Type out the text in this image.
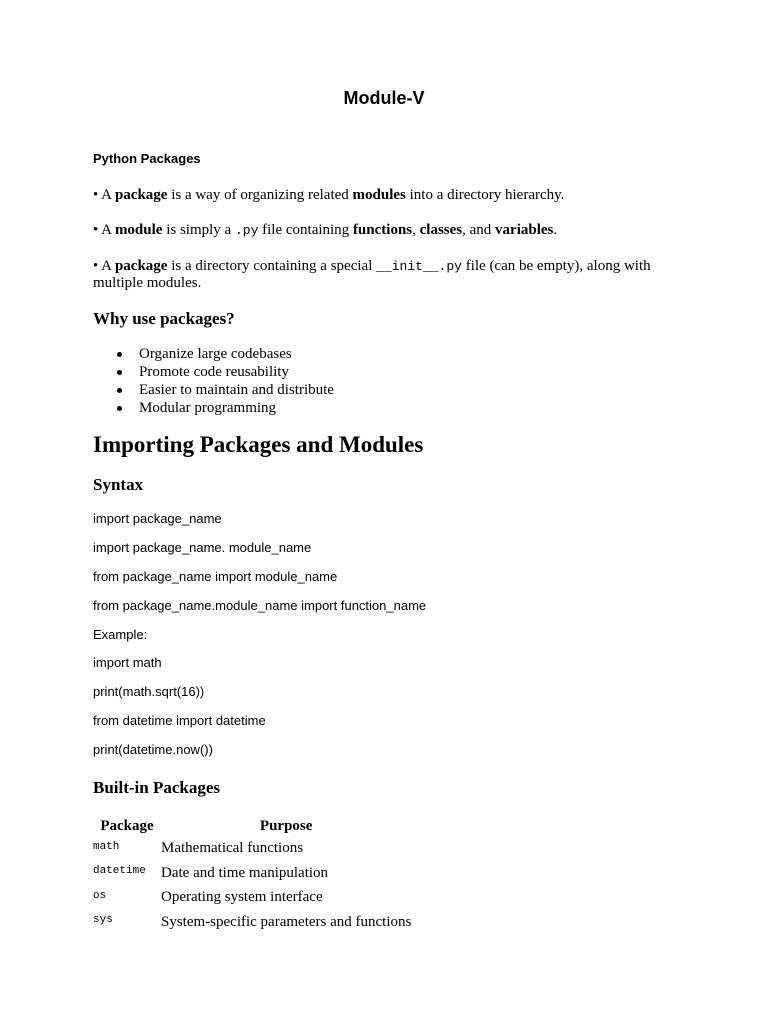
Module-V
Python Packages
• A package is a way of organizing related modules into a directory hierarchy.
• A module is simply a .py file containing functions, classes, and variables.
• A package is a directory containing a special __init__.py file (can be empty), along with multiple modules.
Why use packages?
Organize large codebases
Promote code reusability
Easier to maintain and distribute
Modular programming
Importing Packages and Modules
Syntax
import package_name
import package_name. module_name
from package_name import module_name
from package_name.module_name import function_name
Example:
import math
print(math.sqrt(16))
from datetime import datetime
print(datetime.now())
Built-in Packages
Package	Purpose
math	Mathematical functions
datetime	Date and time manipulation
os	Operating system interface
sys	System-specific parameters and functions
